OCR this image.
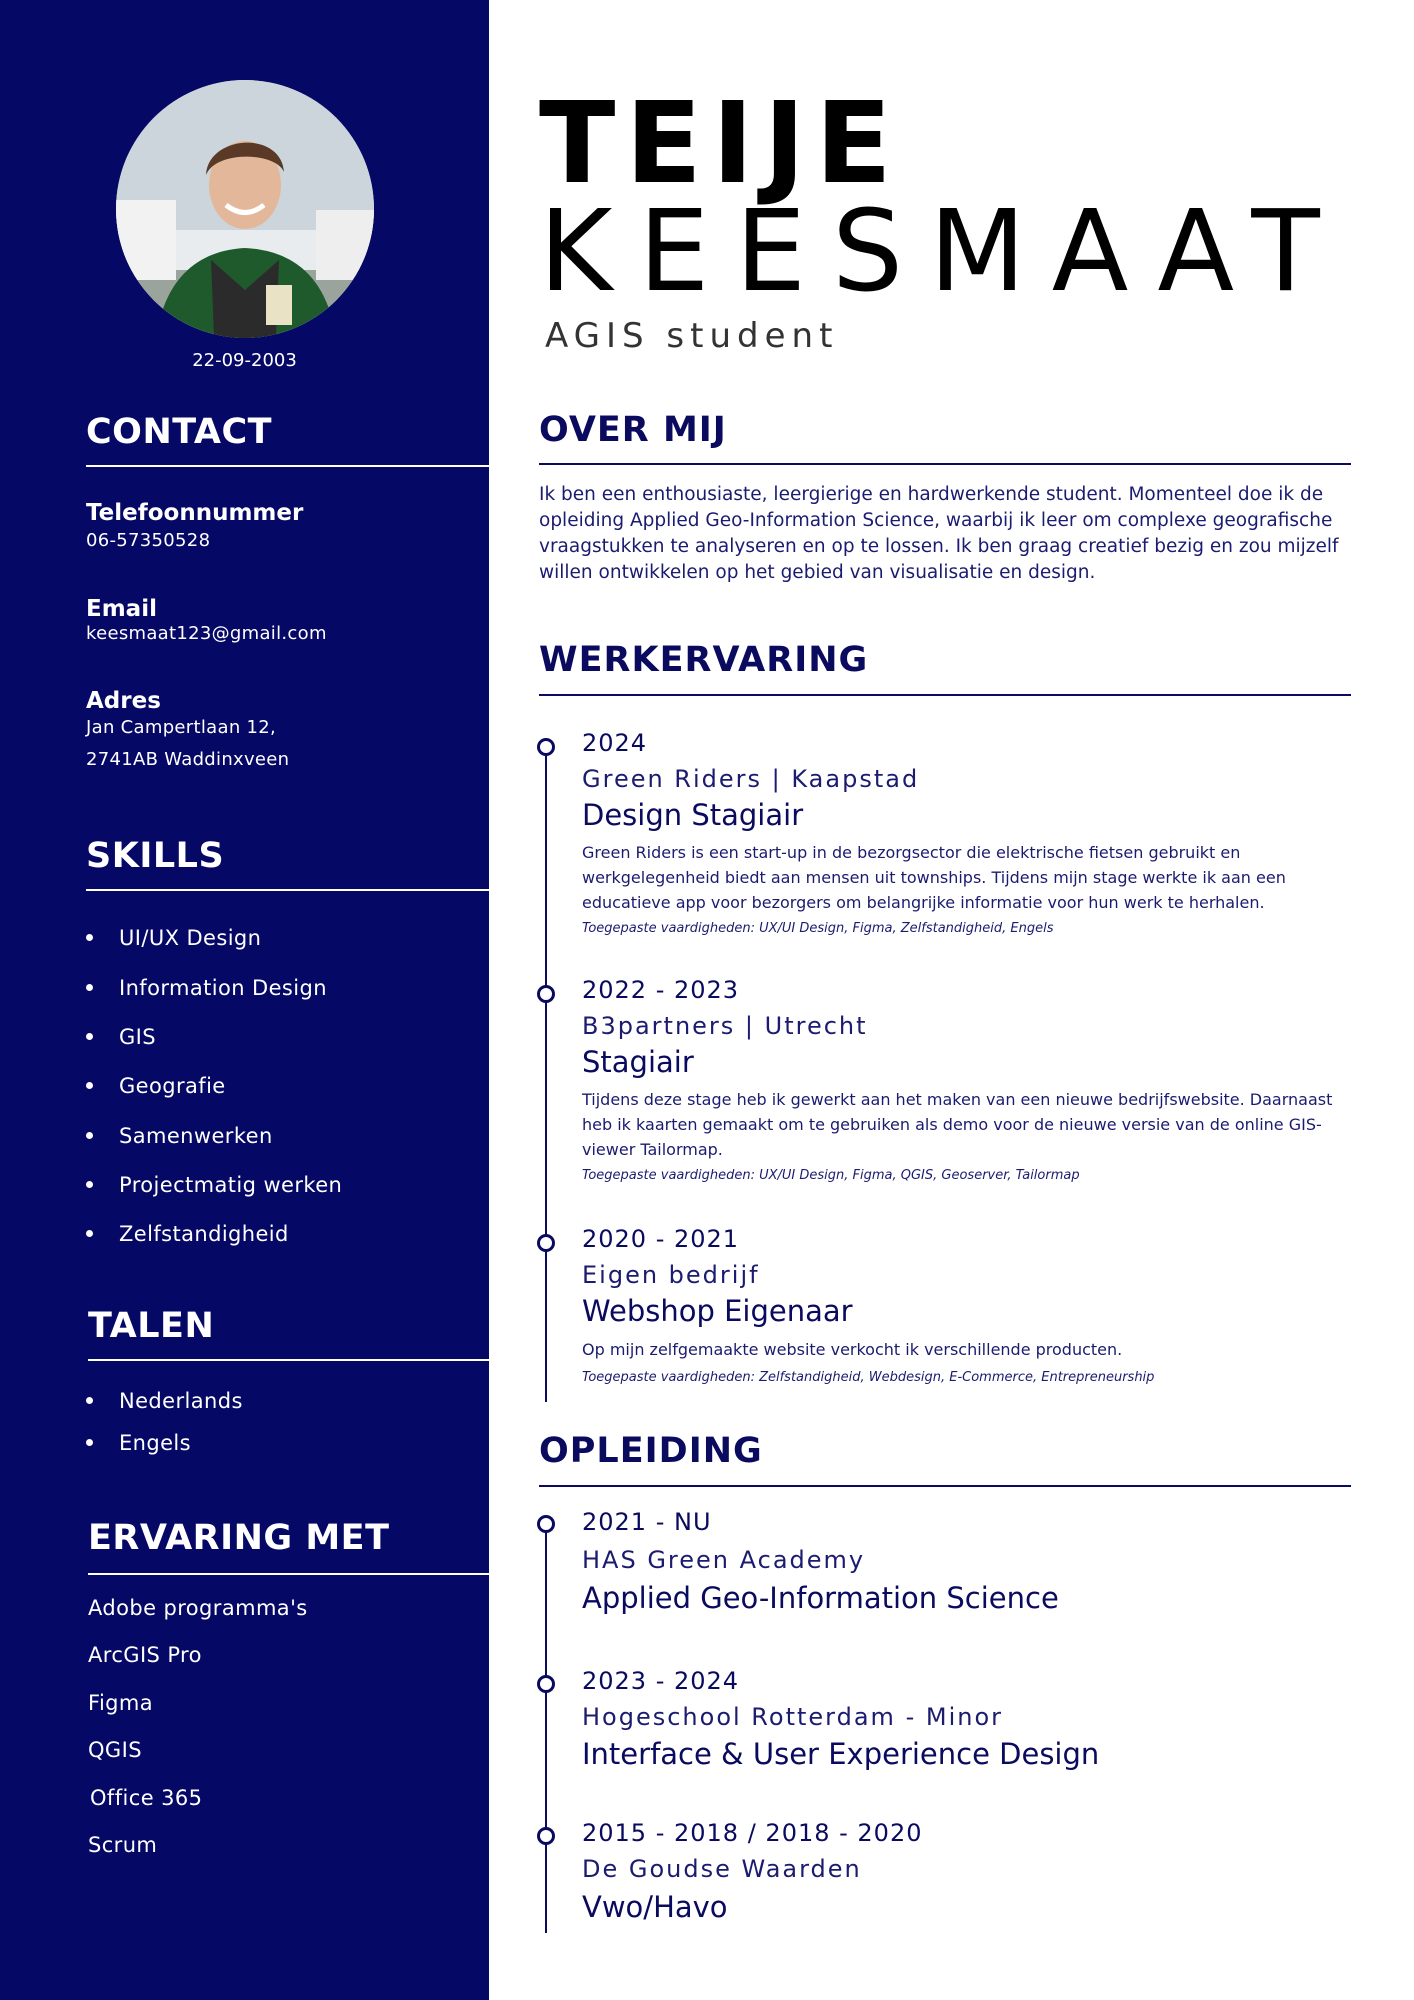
22-09-2003
CONTACT
Telefoonnummer
06-57350528
Email
keesmaat123@gmail.com
Adres
Jan Campertlaan 12,
2741AB Waddinxveen
SKILLS
UI/UX Design
Information Design
GIS
Geografie
Samenwerken
Projectmatig werken
Zelfstandigheid
TALEN
Nederlands
Engels
ERVARING MET
Adobe programma's
ArcGIS Pro
Figma
QGIS
Office 365
Scrum
TEIJE
KEESMAAT
AGIS student
OVER MIJ
Ik ben een enthousiaste, leergierige en hardwerkende student. Momenteel doe ik de opleiding Applied Geo-Information Science, waarbij ik leer om complexe geografische vraagstukken te analyseren en op te lossen. Ik ben graag creatief bezig en zou mijzelf willen ontwikkelen op het gebied van visualisatie en design.
WERKERVARING
2024
Green Riders | Kaapstad
Design Stagiair
Green Riders is een start-up in de bezorgsector die elektrische fietsen gebruikt en werkgelegenheid biedt aan mensen uit townships. Tijdens mijn stage werkte ik aan een educatieve app voor bezorgers om belangrijke informatie voor hun werk te herhalen.
Toegepaste vaardigheden: UX/UI Design, Figma, Zelfstandigheid, Engels
2022 - 2023
B3partners | Utrecht
Stagiair
Tijdens deze stage heb ik gewerkt aan het maken van een nieuwe bedrijfswebsite. Daarnaast heb ik kaarten gemaakt om te gebruiken als demo voor de nieuwe versie van de online GIS-viewer Tailormap.
Toegepaste vaardigheden: UX/UI Design, Figma, QGIS, Geoserver, Tailormap
2020 - 2021
Eigen bedrijf
Webshop Eigenaar
Op mijn zelfgemaakte website verkocht ik verschillende producten.
Toegepaste vaardigheden: Zelfstandigheid, Webdesign, E-Commerce, Entrepreneurship
OPLEIDING
2021 - NU
HAS Green Academy
Applied Geo-Information Science
2023 - 2024
Hogeschool Rotterdam - Minor
Interface & User Experience Design
2015 - 2018 / 2018 - 2020
De Goudse Waarden
Vwo/Havo
